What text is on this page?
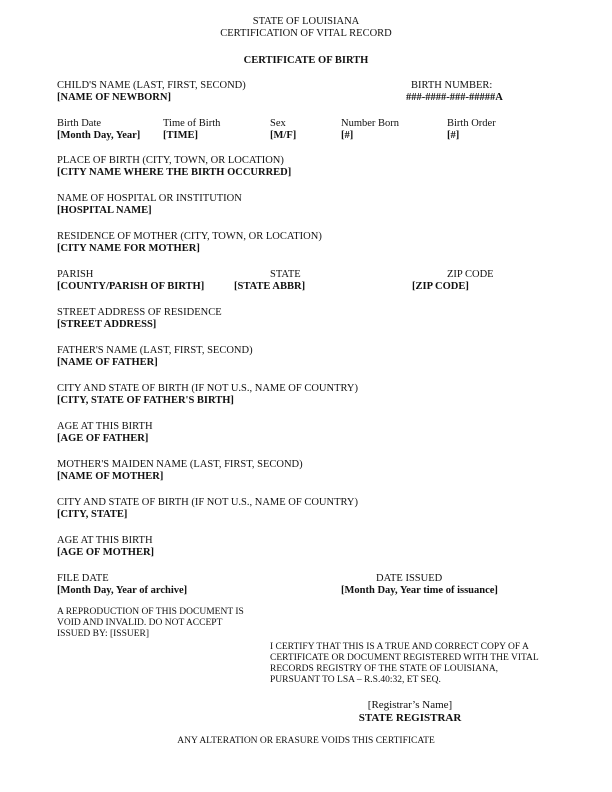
STATE OF LOUISIANA
CERTIFICATION OF VITAL RECORD
CERTIFICATE OF BIRTH
CHILD'S NAME (LAST, FIRST, SECOND)
[NAME OF NEWBORN]
BIRTH NUMBER:
###-####-###-#####A
Birth Date
[Month Day, Year]
Time of Birth
[TIME]
Sex
[M/F]
Number Born
[#]
Birth Order
[#]
PLACE OF BIRTH (CITY, TOWN, OR LOCATION)
[CITY NAME WHERE THE BIRTH OCCURRED]
NAME OF HOSPITAL OR INSTITUTION
[HOSPITAL NAME]
RESIDENCE OF MOTHER (CITY, TOWN, OR LOCATION)
[CITY NAME FOR MOTHER]
PARISH
[COUNTY/PARISH OF BIRTH]
STATE
[STATE ABBR]
ZIP CODE
[ZIP CODE]
STREET ADDRESS OF RESIDENCE
[STREET ADDRESS]
FATHER'S NAME (LAST, FIRST, SECOND)
[NAME OF FATHER]
CITY AND STATE OF BIRTH (IF NOT U.S., NAME OF COUNTRY)
[CITY, STATE OF FATHER'S BIRTH]
AGE AT THIS BIRTH
[AGE OF FATHER]
MOTHER'S MAIDEN NAME (LAST, FIRST, SECOND)
[NAME OF MOTHER]
CITY AND STATE OF BIRTH (IF NOT U.S., NAME OF COUNTRY)
[CITY, STATE]
AGE AT THIS BIRTH
[AGE OF MOTHER]
FILE DATE
[Month Day, Year of archive]
DATE ISSUED
[Month Day, Year time of issuance]
A REPRODUCTION OF THIS DOCUMENT IS
VOID AND INVALID. DO NOT ACCEPT
ISSUED BY: [ISSUER]
I CERTIFY THAT THIS IS A TRUE AND CORRECT COPY OF A
CERTIFICATE OR DOCUMENT REGISTERED WITH THE VITAL
RECORDS REGISTRY OF THE STATE OF LOUISIANA,
PURSUANT TO LSA – R.S.40:32, ET SEQ.
[Registrar’s Name]
STATE REGISTRAR
ANY ALTERATION OR ERASURE VOIDS THIS CERTIFICATE
